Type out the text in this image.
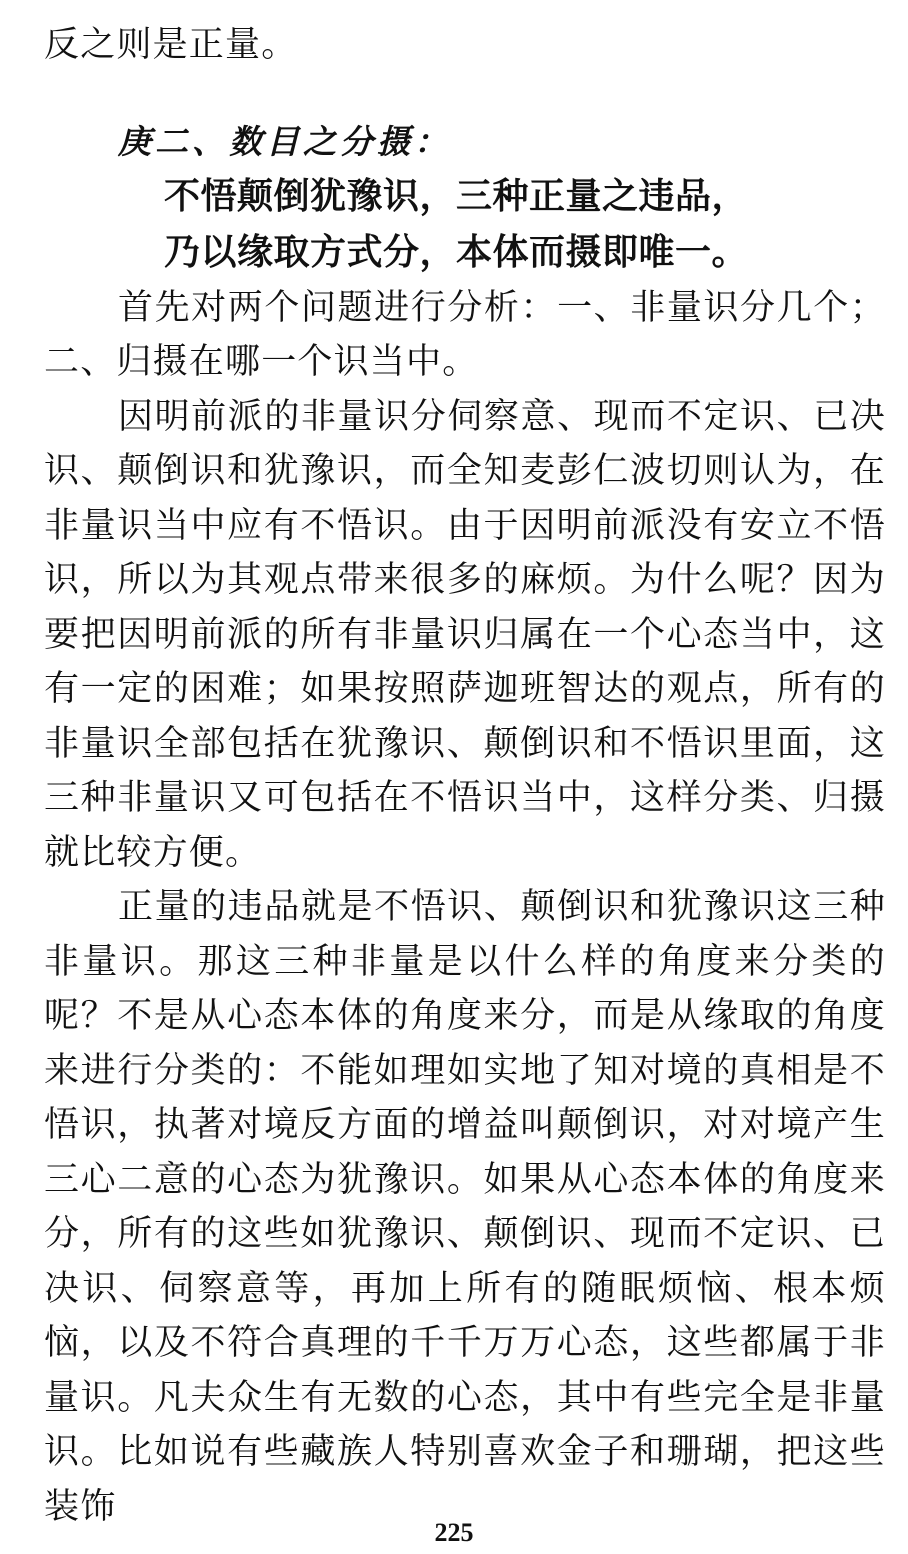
反之则是正量。

庚二、数目之分摄：

不悟颠倒犹豫识，三种正量之违品，

乃以缘取方式分，本体而摄即唯一。

首先对两个问题进行分析：一、非量识分几个；二、归摄在哪一个识当中。

因明前派的非量识分伺察意、现而不定识、已决识、颠倒识和犹豫识，而全知麦彭仁波切则认为，在非量识当中应有不悟识。由于因明前派没有安立不悟识，所以为其观点带来很多的麻烦。为什么呢？因为要把因明前派的所有非量识归属在一个心态当中，这有一定的困难；如果按照萨迦班智达的观点，所有的非量识全部包括在犹豫识、颠倒识和不悟识里面，这三种非量识又可包括在不悟识当中，这样分类、归摄就比较方便。

正量的违品就是不悟识、颠倒识和犹豫识这三种非量识。那这三种非量是以什么样的角度来分类的呢？不是从心态本体的角度来分，而是从缘取的角度来进行分类的：不能如理如实地了知对境的真相是不悟识，执著对境反方面的增益叫颠倒识，对对境产生三心二意的心态为犹豫识。如果从心态本体的角度来分，所有的这些如犹豫识、颠倒识、现而不定识、已决识、伺察意等，再加上所有的随眠烦恼、根本烦恼，以及不符合真理的千千万万心态，这些都属于非量识。凡夫众生有无数的心态，其中有些完全是非量识。比如说有些藏族人特别喜欢金子和珊瑚，把这些装饰

225
